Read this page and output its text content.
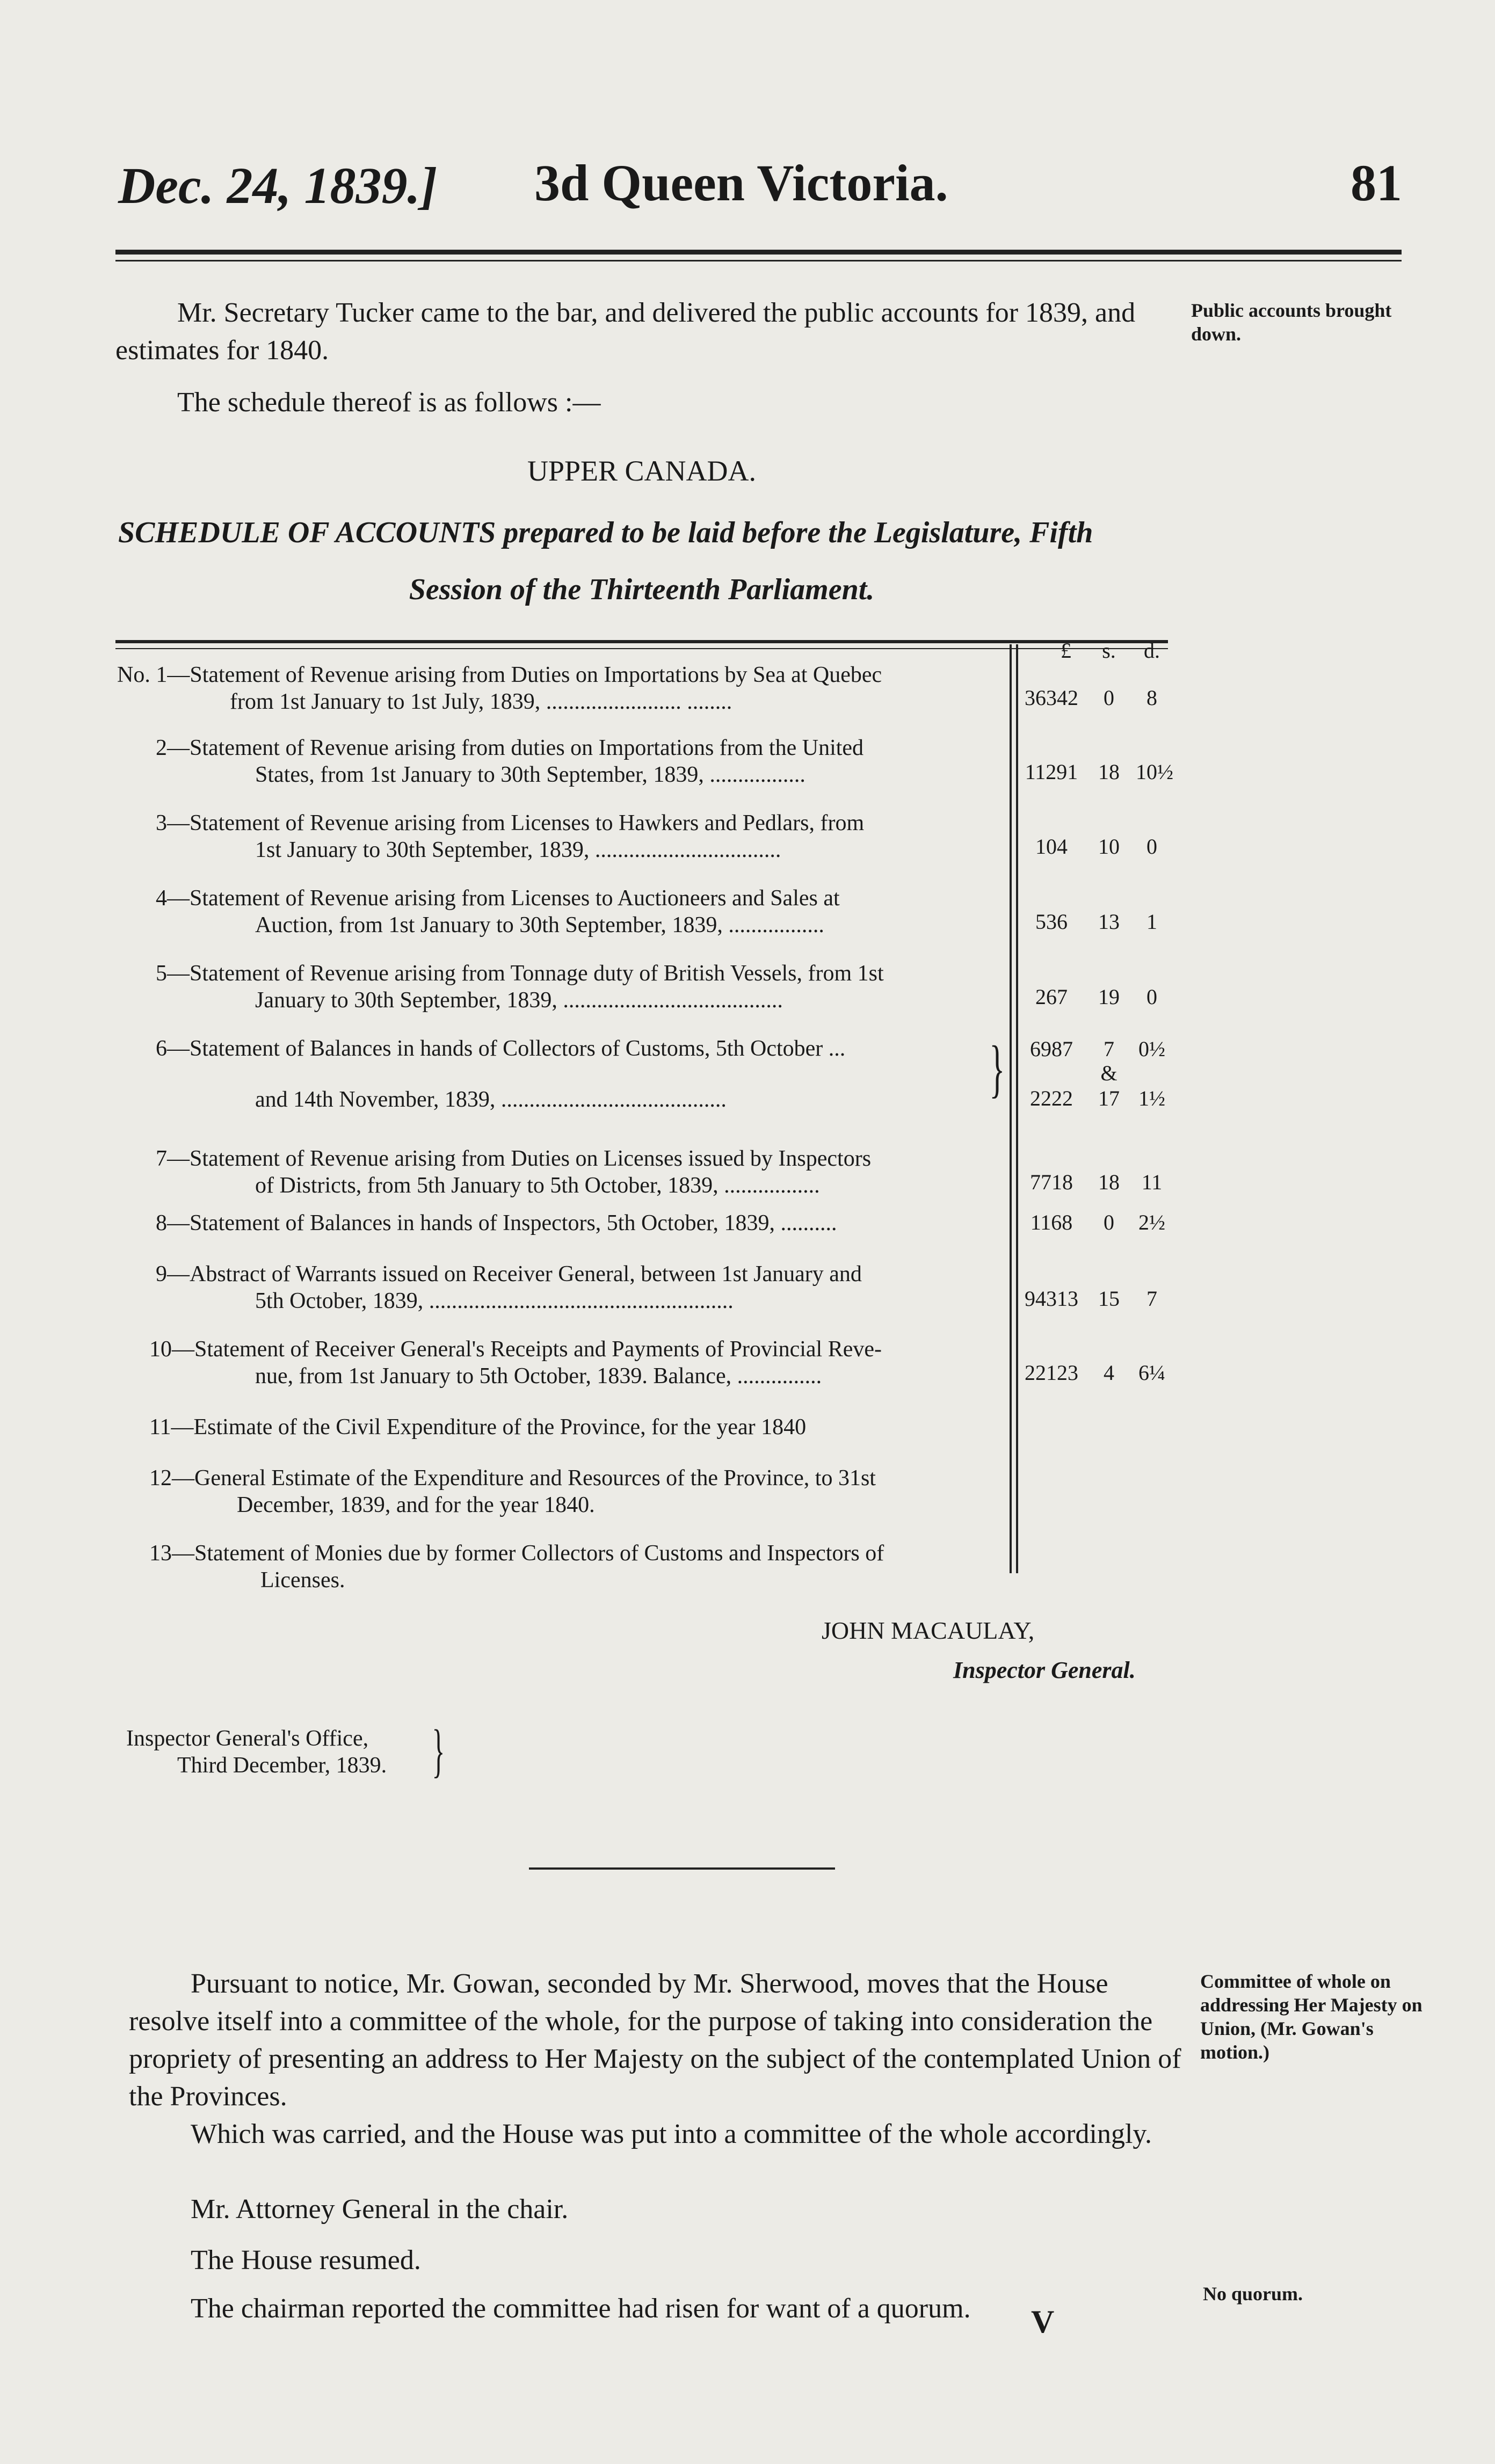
Dec. 24, 1839.] 3d Queen Victoria.	81
Mr. Secretary Tucker came to the bar, and delivered the public accounts for 1839, and estimates for 1840.
Public accounts brought down.
The schedule thereof is as follows :—
UPPER CANADA.
SCHEDULE OF ACCOUNTS prepared to be laid before the Legislature, Fifth
Session of the Thirteenth Parliament.
£	s.	d.
No. 1—Statement of Revenue arising from Duties on Importations by Sea at Quebec
from 1st January to 1st July, 1839, ........................ ........	36342	0	8
2—Statement of Revenue arising from duties on Importations from the United
States, from 1st January to 30th September, 1839, .................	11291 18 10½
3—Statement of Revenue arising from Licenses to Hawkers and Pedlars, from
1st January to 30th September, 1839, .................................	104	10	0
4—Statement of Revenue arising from Licenses to Auctioneers and Sales at
Auction, from 1st January to 30th September, 1839, .................	536	13	1
5—Statement of Revenue arising from Tonnage duty of British Vessels, from 1st
January to 30th September, 1839, .......................................	267	19	0
6—Statement of Balances in hands of Collectors of Customs, 5th October ...
and 14th November, 1839, ........................................	}	6987	7	0½
&
2222	17 1½
7—Statement of Revenue arising from Duties on Licenses issued by Inspectors
of Districts, from 5th January to 5th October, 1839, .................	7718	18 11
8—Statement of Balances in hands of Inspectors, 5th October, 1839, ..........	1168	0	2½
9—Abstract of Warrants issued on Receiver General, between 1st January and
5th October, 1839, ......................................................	94313 15	7
10—Statement of Receiver General's Receipts and Payments of Provincial Reve-
nue, from 1st January to 5th October, 1839. Balance, ...............	22123	4	6¼
11—Estimate of the Civil Expenditure of the Province, for the year 1840
12—General Estimate of the Expenditure and Resources of the Province, to 31st
December, 1839, and for the year 1840.
13—Statement of Monies due by former Collectors of Customs and Inspectors of
Licenses.
JOHN MACAULAY,
Inspector General.
Inspector General's Office,
Third December, 1839. }
Pursuant to notice, Mr. Gowan, seconded by Mr. Sherwood, moves that the House resolve itself into a committee of the whole, for the purpose of taking into consideration the propriety of presenting an address to Her Majesty on the subject of the contemplated Union of the Provinces.
Committee of whole on addressing Her Majesty on Union, (Mr. Gowan's motion.)
Which was carried, and the House was put into a committee of the whole accordingly.
Mr. Attorney General in the chair.
The House resumed.
The chairman reported the committee had risen for want of a quorum. V
No quorum.
